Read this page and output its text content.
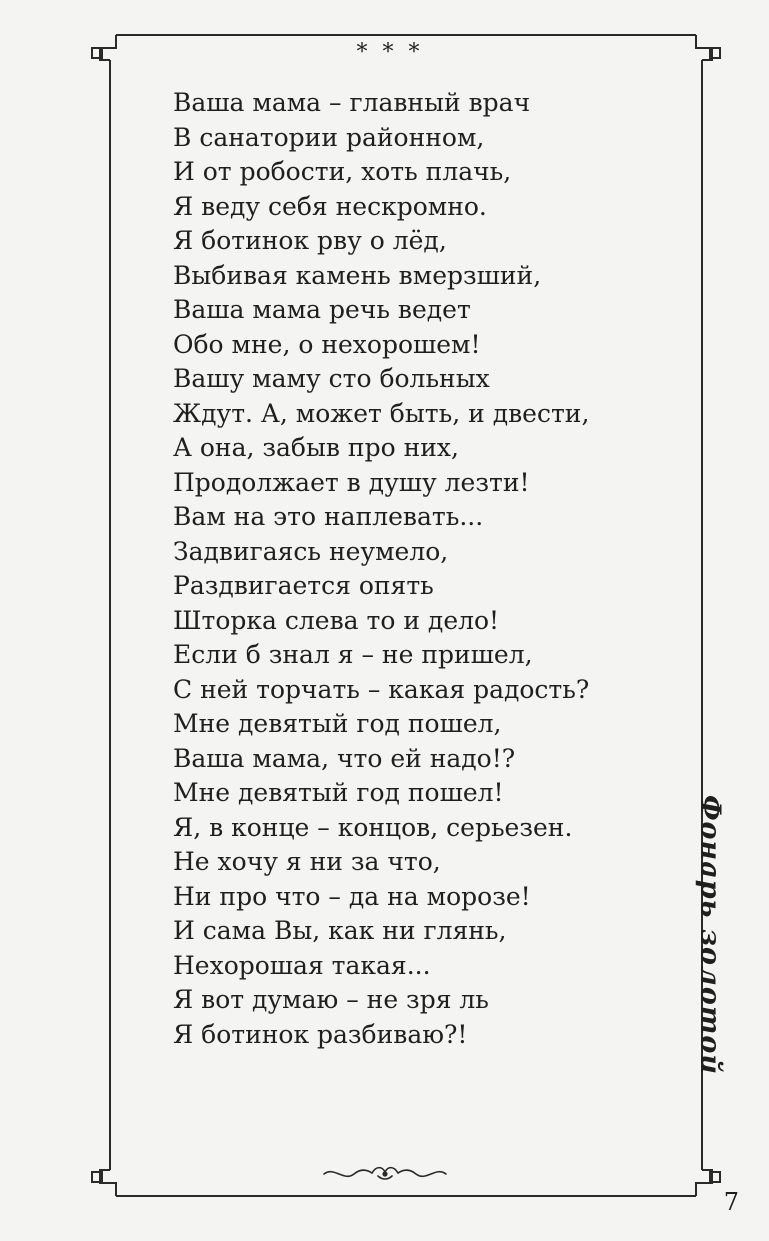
* * *
Ваша мама – главный врач
В санатории районном,
И от робости, хоть плачь,
Я веду себя нескромно.
Я ботинок рву о лёд,
Выбивая камень вмерзший,
Ваша мама речь ведет
Обо мне, о нехорошем!
Вашу маму сто больных
Ждут. А, может быть, и двести,
А она, забыв про них,
Продолжает в душу лезти!
Вам на это наплевать...
Задвигаясь неумело,
Раздвигается опять
Шторка слева то и дело!
Если б знал я – не пришел,
С ней торчать – какая радость?
Мне девятый год пошел,
Ваша мама, что ей надо!?
Мне девятый год пошел!
Я, в конце – концов, серьезен.
Не хочу я ни за что,
Ни про что – да на морозе!
И сама Вы, как ни глянь,
Нехорошая такая...
Я вот думаю – не зря ль
Я ботинок разбиваю?!	Фонарь золотой
7
